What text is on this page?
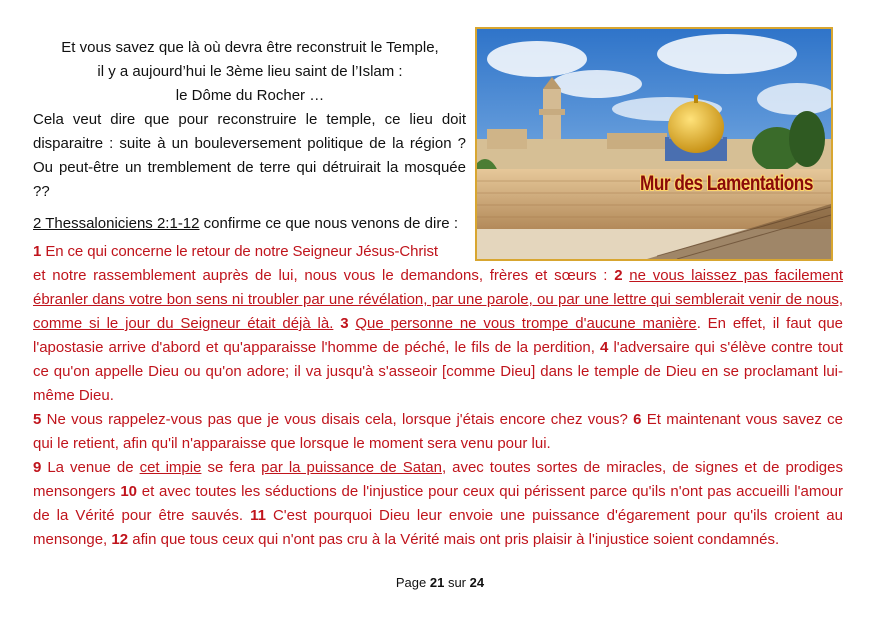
Et vous savez que là où devra être reconstruit le Temple,
il y a aujourd’hui le 3ème lieu saint de l’Islam :
le Dôme du Rocher …
Cela veut dire que pour reconstruire le temple, ce lieu doit disparaitre : suite à un bouleversement politique de la région ? Ou peut-être un tremblement de terre qui détruirait la mosquée ??
2 Thessaloniciens 2:1-12 confirme ce que nous venons de dire :
Mur des Lamentations
1 En ce qui concerne le retour de notre Seigneur Jésus-Christ

et notre rassemblement auprès de lui, nous vous le demandons, frères et sœurs : 2 ne vous laissez pas facilement ébranler dans votre bon sens ni troubler par une révélation, par une parole, ou par une lettre qui semblerait venir de nous, comme si le jour du Seigneur était déjà là. 3 Que personne ne vous trompe d'aucune manière. En effet, il faut que l'apostasie arrive d'abord et qu'apparaisse l'homme de péché, le fils de la perdition, 4 l'adversaire qui s'élève contre tout ce qu'on appelle Dieu ou qu'on adore; il va jusqu'à s'asseoir [comme Dieu] dans le temple de Dieu en se proclamant lui-même Dieu.

5 Ne vous rappelez-vous pas que je vous disais cela, lorsque j'étais encore chez vous? 6 Et maintenant vous savez ce qui le retient, afin qu'il n'apparaisse que lorsque le moment sera venu pour lui.

9 La venue de cet impie se fera par la puissance de Satan, avec toutes sortes de miracles, de signes et de prodiges mensongers 10 et avec toutes les séductions de l'injustice pour ceux qui périssent parce qu'ils n'ont pas accueilli l'amour de la Vérité pour être sauvés. 11 C'est pourquoi Dieu leur envoie une puissance d'égarement pour qu'ils croient au mensonge, 12 afin que tous ceux qui n'ont pas cru à la Vérité mais ont pris plaisir à l'injustice soient condamnés.

Page 21 sur 24
